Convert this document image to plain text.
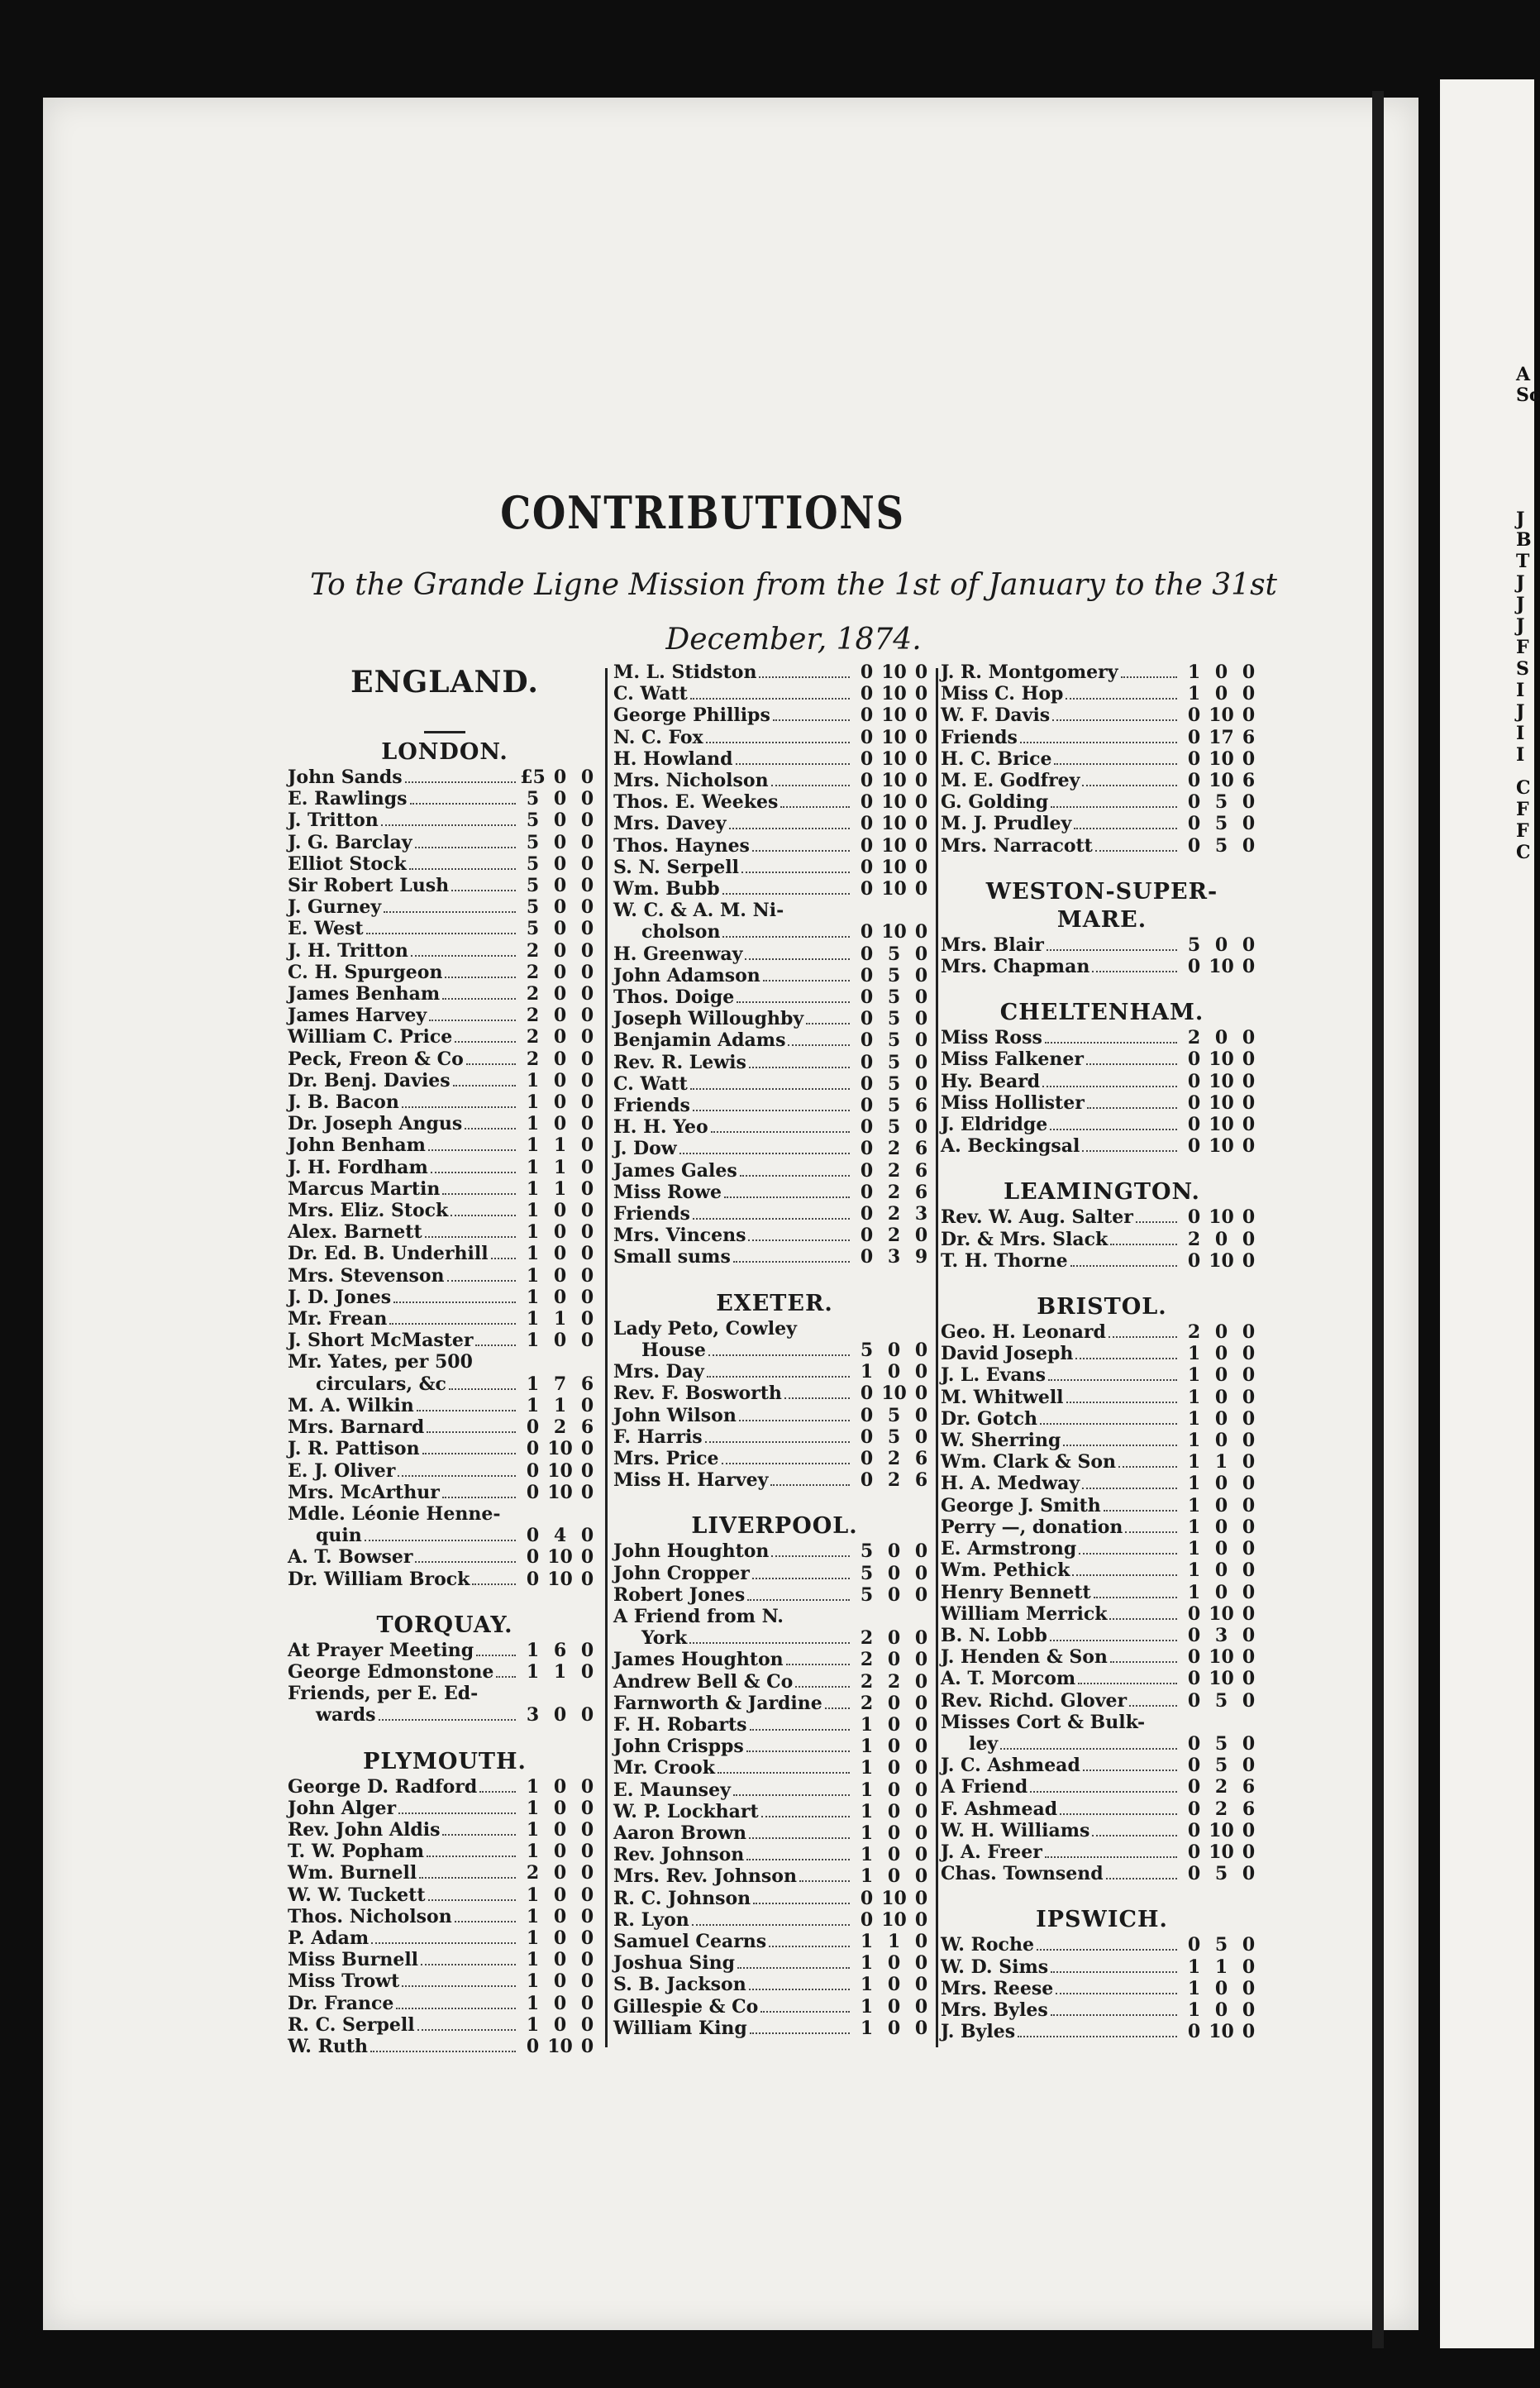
A
Sc
J
B
T
J
J
J
F
S
I
J
I
I
C
F
F
C
CONTRIBUTIONS
To the Grande Ligne Mission from the 1st of January to the 31st December, 1874.
ENGLAND.
LONDON.
John Sands	£5 0 0
E. Rawlings	5 0 0
J. Tritton	5 0 0
J. G. Barclay	5 0 0
Elliot Stock	5 0 0
Sir Robert Lush	5 0 0
J. Gurney	5 0 0
E. West	5 0 0
J. H. Tritton	2 0 0
C. H. Spurgeon	2 0 0
James Benham	2 0 0
James Harvey	2 0 0
William C. Price	2 0 0
Peck, Freon & Co	2 0 0
Dr. Benj. Davies	1 0 0
J. B. Bacon	1 0 0
Dr. Joseph Angus	1 0 0
John Benham	1 1 0
J. H. Fordham	1 1 0
Marcus Martin	1 1 0
Mrs. Eliz. Stock	1 0 0
Alex. Barnett	1 0 0
Dr. Ed. B. Underhill	1 0 0
Mrs. Stevenson	1 0 0
J. D. Jones	1 0 0
Mr. Frean	1 1 0
J. Short McMaster	1 0 0
Mr. Yates, per 500
circulars, &c	1 7 6
M. A. Wilkin	1 1 0
Mrs. Barnard	0 2 6
J. R. Pattison	0 10 0
E. J. Oliver	0 10 0
Mrs. McArthur	0 10 0
Mdle. Léonie Henne-
quin	0 4 0
A. T. Bowser	0 10 0
Dr. William Brock	0 10 0
TORQUAY.
At Prayer Meeting	1 6 0
George Edmonstone	1 1 0
Friends, per E. Ed-
wards	3 0 0
PLYMOUTH.
George D. Radford	1 0 0
John Alger	1 0 0
Rev. John Aldis	1 0 0
T. W. Popham	1 0 0
Wm. Burnell	2 0 0
W. W. Tuckett	1 0 0
Thos. Nicholson	1 0 0
P. Adam	1 0 0
Miss Burnell	1 0 0
Miss Trowt	1 0 0
Dr. France	1 0 0
R. C. Serpell	1 0 0
W. Ruth	0 10 0
M. L. Stidston	0 10 0
C. Watt	0 10 0
George Phillips	0 10 0
N. C. Fox	0 10 0
H. Howland	0 10 0
Mrs. Nicholson	0 10 0
Thos. E. Weekes	0 10 0
Mrs. Davey	0 10 0
Thos. Haynes	0 10 0
S. N. Serpell	0 10 0
Wm. Bubb	0 10 0
W. C. & A. M. Ni-
cholson	0 10 0
H. Greenway	0 5 0
John Adamson	0 5 0
Thos. Doige	0 5 0
Joseph Willoughby	0 5 0
Benjamin Adams	0 5 0
Rev. R. Lewis	0 5 0
C. Watt	0 5 0
Friends	0 5 6
H. H. Yeo	0 5 0
J. Dow	0 2 6
James Gales	0 2 6
Miss Rowe	0 2 6
Friends	0 2 3
Mrs. Vincens	0 2 0
Small sums	0 3 9
EXETER.
Lady Peto, Cowley
House	5 0 0
Mrs. Day	1 0 0
Rev. F. Bosworth	0 10 0
John Wilson	0 5 0
F. Harris	0 5 0
Mrs. Price	0 2 6
Miss H. Harvey	0 2 6
LIVERPOOL.
John Houghton	5 0 0
John Cropper	5 0 0
Robert Jones	5 0 0
A Friend from N.
York	2 0 0
James Houghton	2 0 0
Andrew Bell & Co	2 2 0
Farnworth & Jardine	2 0 0
F. H. Robarts	1 0 0
John Crispps	1 0 0
Mr. Crook	1 0 0
E. Maunsey	1 0 0
W. P. Lockhart	1 0 0
Aaron Brown	1 0 0
Rev. Johnson	1 0 0
Mrs. Rev. Johnson	1 0 0
R. C. Johnson	0 10 0
R. Lyon	0 10 0
Samuel Cearns	1 1 0
Joshua Sing	1 0 0
S. B. Jackson	1 0 0
Gillespie & Co	1 0 0
William King	1 0 0
J. R. Montgomery	1 0 0
Miss C. Hop	1 0 0
W. F. Davis	0 10 0
Friends	0 17 6
H. C. Brice	0 10 0
M. E. Godfrey	0 10 6
G. Golding	0 5 0
M. J. Prudley	0 5 0
Mrs. Narracott	0 5 0
WESTON-SUPER-
MARE.
Mrs. Blair	5 0 0
Mrs. Chapman	0 10 0
CHELTENHAM.
Miss Ross	2 0 0
Miss Falkener	0 10 0
Hy. Beard	0 10 0
Miss Hollister	0 10 0
J. Eldridge	0 10 0
A. Beckingsal	0 10 0
LEAMINGTON.
Rev. W. Aug. Salter	0 10 0
Dr. & Mrs. Slack	2 0 0
T. H. Thorne	0 10 0
BRISTOL.
Geo. H. Leonard	2 0 0
David Joseph	1 0 0
J. L. Evans	1 0 0
M. Whitwell	1 0 0
Dr. Gotch	1 0 0
W. Sherring	1 0 0
Wm. Clark & Son	1 1 0
H. A. Medway	1 0 0
George J. Smith	1 0 0
Perry —, donation	1 0 0
E. Armstrong	1 0 0
Wm. Pethick	1 0 0
Henry Bennett	1 0 0
William Merrick	0 10 0
B. N. Lobb	0 3 0
J. Henden & Son	0 10 0
A. T. Morcom	0 10 0
Rev. Richd. Glover	0 5 0
Misses Cort & Bulk-
ley	0 5 0
J. C. Ashmead	0 5 0
A Friend	0 2 6
F. Ashmead	0 2 6
W. H. Williams	0 10 0
J. A. Freer	0 10 0
Chas. Townsend	0 5 0
IPSWICH.
W. Roche	0 5 0
W. D. Sims	1 1 0
Mrs. Reese	1 0 0
Mrs. Byles	1 0 0
J. Byles	0 10 0
